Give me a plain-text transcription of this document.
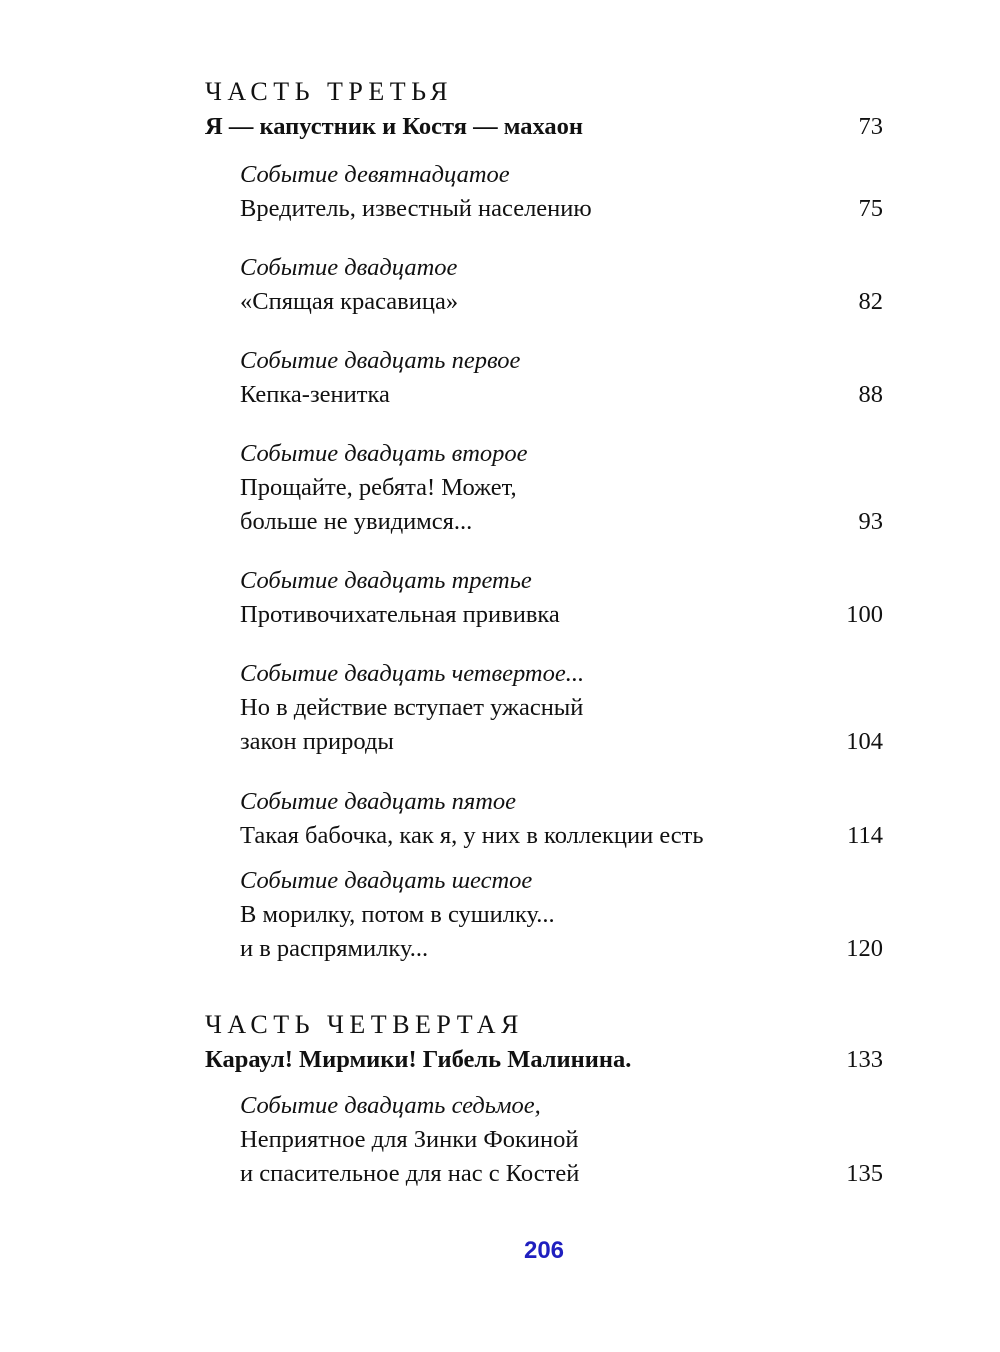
ЧАСТЬ ТРЕТЬЯ
Я — капустник и Костя — махаон	73
Событие девятнадцатое
Вредитель, известный населению	75
Событие двадцатое
«Спящая красавица»	82
Событие двадцать первое
Кепка-зенитка	88
Событие двадцать второе
Прощайте, ребята! Может,
больше не увидимся...	93
Событие двадцать третье
Противочихательная прививка	100
Событие двадцать четвертое...
Но в действие вступает ужасный
закон природы	104
Событие двадцать пятое
Такая бабочка, как я, у них в коллекции есть	114
Событие двадцать шестое
В морилку, потом в сушилку...
и в распрямилку...	120
ЧАСТЬ ЧЕТВЕРТАЯ
Караул! Мирмики! Гибель Малинина.	133
Событие двадцать седьмое,
Неприятное для Зинки Фокиной
и спасительное для нас с Костей	135
206
